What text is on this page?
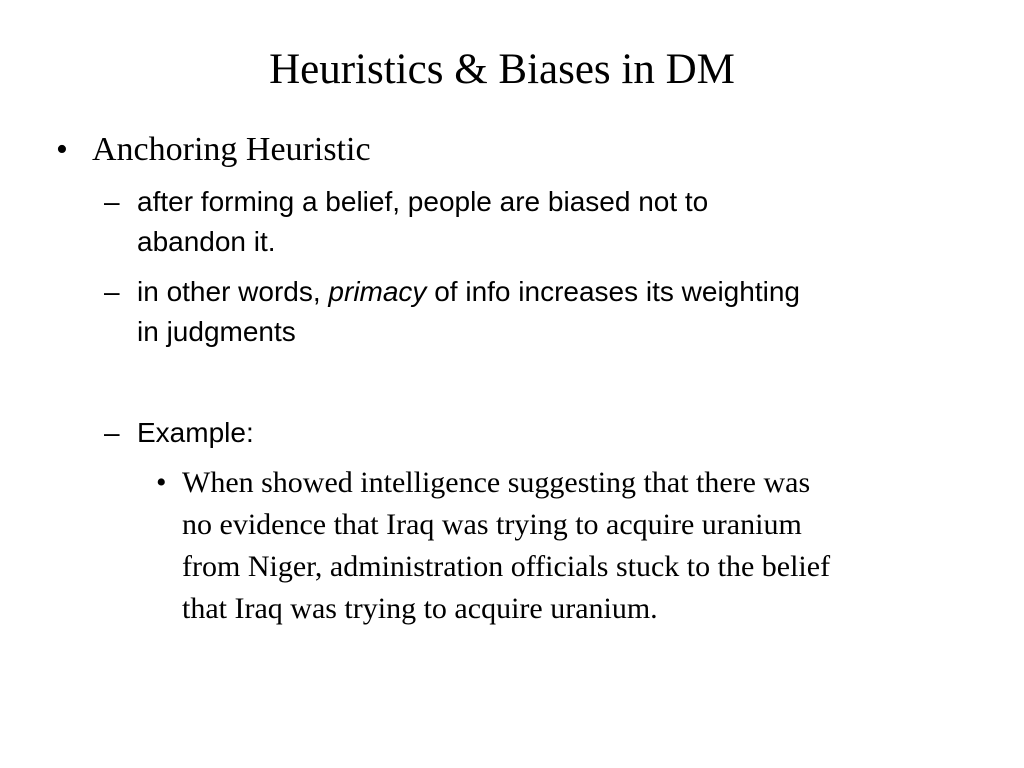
Heuristics & Biases in DM
• Anchoring Heuristic
– after forming a belief, people are biased not to
abandon it.
– in other words, primacy of info increases its weighting
in judgments
– Example:
• When showed intelligence suggesting that there was
no evidence that Iraq was trying to acquire uranium
from Niger, administration officials stuck to the belief
that Iraq was trying to acquire uranium.
